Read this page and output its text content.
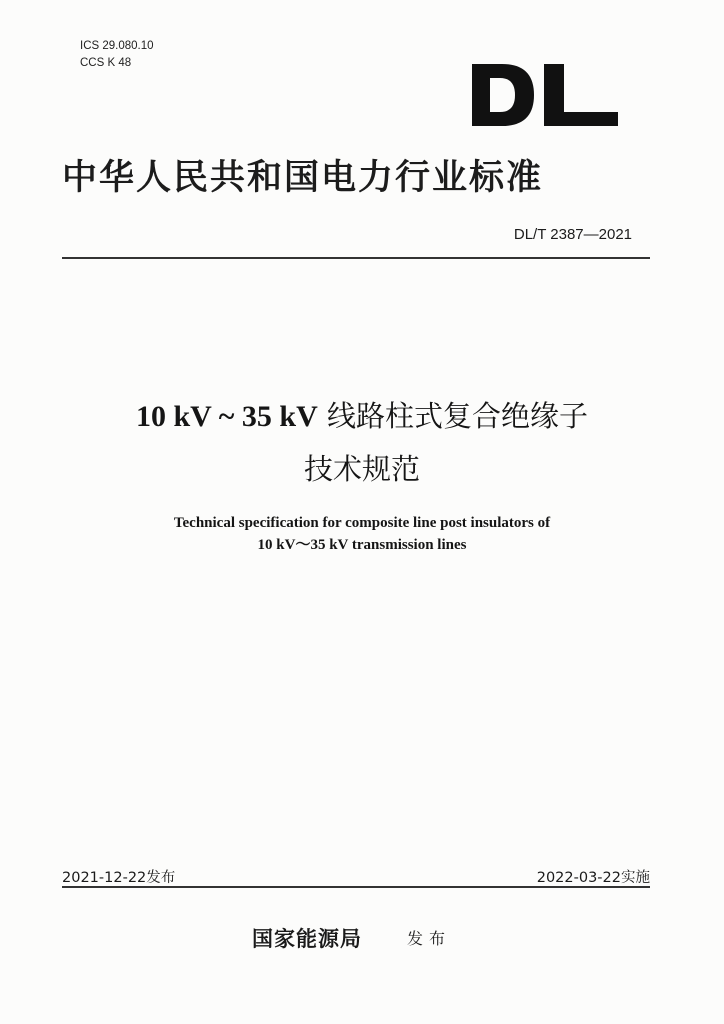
ICS 29.080.10
CCS K 48
中华人民共和国电力行业标准
DL/T 2387—2021
10 kV ~ 35 kV 线路柱式复合绝缘子
技术规范
Technical specification for composite line post insulators of
10 kV～35 kV transmission lines
2021-12-22发布	2022-03-22实施
国家能源局	发布
